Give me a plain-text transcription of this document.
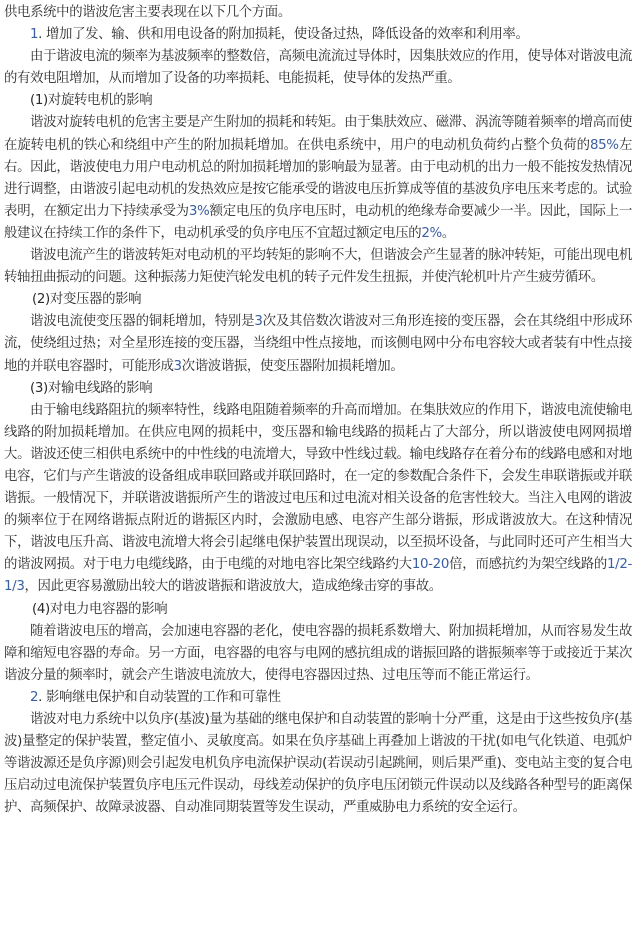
供电系统中的谐波危害主要表现在以下几个方面。

1. 增加了发、输、供和用电设备的附加损耗，使设备过热，降低设备的效率和利用率。

由于谐波电流的频率为基波频率的整数倍，高频电流流过导体时，因集肤效应的作用，使导体对谐波电流的有效电阻增加，从而增加了设备的功率损耗、电能损耗，使导体的发热严重。

(1)对旋转电机的影响

谐波对旋转电机的危害主要是产生附加的损耗和转矩。由于集肤效应、磁滞、涡流等随着频率的增高而使在旋转电机的铁心和绕组中产生的附加损耗增加。在供电系统中，用户的电动机负荷约占整个负荷的85%左右。因此，谐波使电力用户电动机总的附加损耗增加的影响最为显著。由于电动机的出力一般不能按发热情况进行调整，由谐波引起电动机的发热效应是按它能承受的谐波电压折算成等值的基波负序电压来考虑的。试验表明，在额定出力下持续承受为3%额定电压的负序电压时，电动机的绝缘寿命要减少一半。因此，国际上一般建议在持续工作的条件下，电动机承受的负序电压不宜超过额定电压的2%。

谐波电流产生的谐波转矩对电动机的平均转矩的影响不大，但谐波会产生显著的脉冲转矩，可能出现电机转轴扭曲振动的问题。这种振荡力矩使汽轮发电机的转子元件发生扭振，并使汽轮机叶片产生疲劳循环。

(2)对变压器的影响

谐波电流使变压器的铜耗增加，特别是3次及其倍数次谐波对三角形连接的变压器，会在其绕组中形成环流，使绕组过热；对全星形连接的变压器，当绕组中性点接地，而该侧电网中分布电容较大或者装有中性点接地的并联电容器时，可能形成3次谐波谐振，使变压器附加损耗增加。

(3)对输电线路的影响

由于输电线路阻抗的频率特性，线路电阻随着频率的升高而增加。在集肤效应的作用下，谐波电流使输电线路的附加损耗增加。在供应电网的损耗中，变压器和输电线路的损耗占了大部分，所以谐波使电网网损增大。谐波还使三相供电系统中的中性线的电流增大，导致中性线过载。输电线路存在着分布的线路电感和对地电容，它们与产生谐波的设备组成串联回路或并联回路时，在一定的参数配合条件下，会发生串联谐振或并联谐振。一般情况下，并联谐波谐振所产生的谐波过电压和过电流对相关设备的危害性较大。当注入电网的谐波的频率位于在网络谐振点附近的谐振区内时，会激励电感、电容产生部分谐振，形成谐波放大。在这种情况下，谐波电压升高、谐波电流增大将会引起继电保护装置出现误动，以至损坏设备，与此同时还可产生相当大的谐波网损。对于电力电缆线路，由于电缆的对地电容比架空线路约大10-20倍，而感抗约为架空线路的1/2-1/3，因此更容易激励出较大的谐波谐振和谐波放大，造成绝缘击穿的事故。

(4)对电力电容器的影响

随着谐波电压的增高，会加速电容器的老化，使电容器的损耗系数增大、附加损耗增加，从而容易发生故障和缩短电容器的寿命。另一方面，电容器的电容与电网的感抗组成的谐振回路的谐振频率等于或接近于某次谐波分量的频率时，就会产生谐波电流放大，使得电容器因过热、过电压等而不能正常运行。

2. 影响继电保护和自动装置的工作和可靠性

谐波对电力系统中以负序(基波)量为基础的继电保护和自动装置的影响十分严重，这是由于这些按负序(基波)量整定的保护装置，整定值小、灵敏度高。如果在负序基础上再叠加上谐波的干扰(如电气化铁道、电弧炉等谐波源还是负序源)则会引起发电机负序电流保护误动(若误动引起跳闸，则后果严重)、变电站主变的复合电压启动过电流保护装置负序电压元件误动，母线差动保护的负序电压闭锁元件误动以及线路各种型号的距离保护、高频保护、故障录波器、自动准同期装置等发生误动，严重威胁电力系统的安全运行。
